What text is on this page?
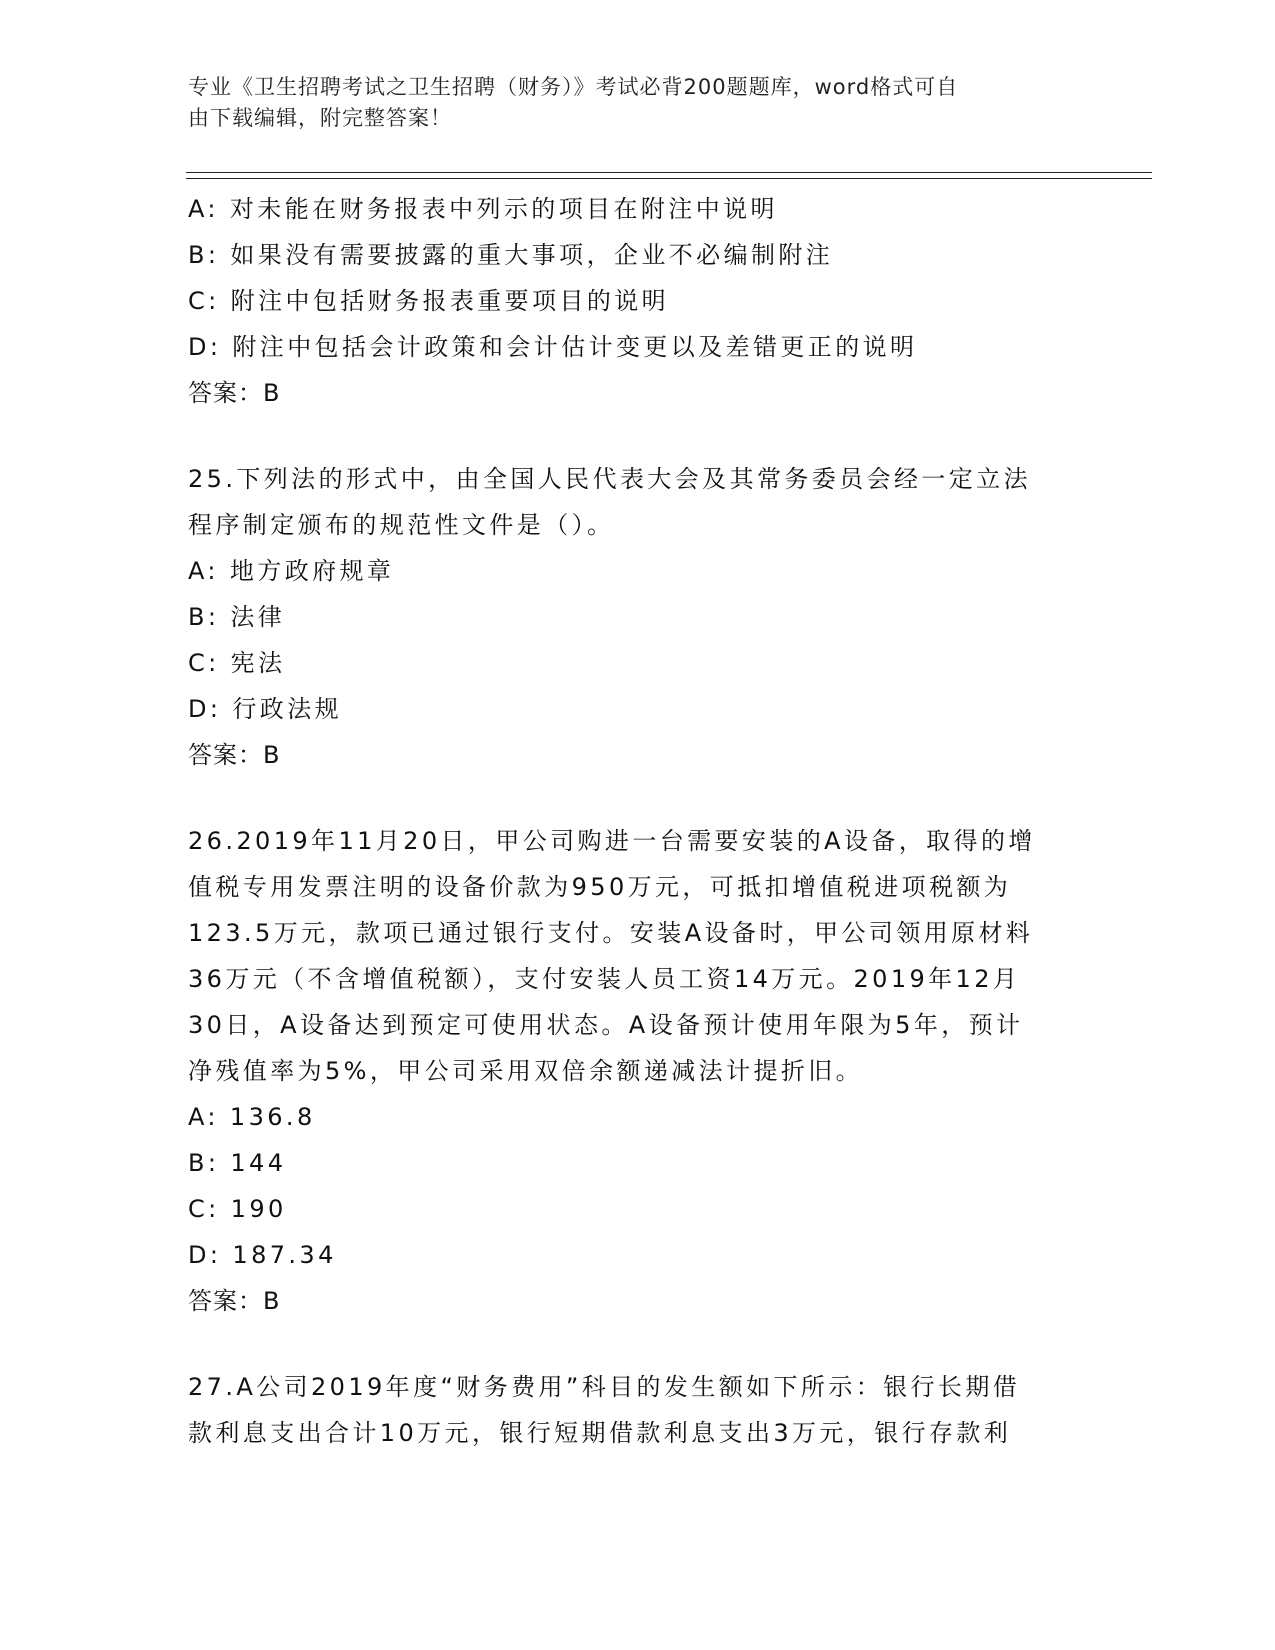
专业《卫生招聘考试之卫生招聘（财务）》考试必背200题题库，word格式可自
由下载编辑，附完整答案！
A: 对未能在财务报表中列示的项目在附注中说明
B: 如果没有需要披露的重大事项，企业不必编制附注
C: 附注中包括财务报表重要项目的说明
D: 附注中包括会计政策和会计估计变更以及差错更正的说明
答案：B
25.下列法的形式中，由全国人民代表大会及其常务委员会经一定立法
程序制定颁布的规范性文件是（）。
A: 地方政府规章
B: 法律
C: 宪法
D: 行政法规
答案：B
26.2019年11月20日，甲公司购进一台需要安装的A设备，取得的增
值税专用发票注明的设备价款为950万元，可抵扣增值税进项税额为
123.5万元，款项已通过银行支付。安装A设备时，甲公司领用原材料
36万元（不含增值税额），支付安装人员工资14万元。2019年12月
30日，A设备达到预定可使用状态。A设备预计使用年限为5年，预计
净残值率为5%，甲公司采用双倍余额递减法计提折旧。
A: 136.8
B: 144
C: 190
D: 187.34
答案：B
27.A公司2019年度“财务费用”科目的发生额如下所示：银行长期借
款利息支出合计10万元，银行短期借款利息支出3万元，银行存款利
